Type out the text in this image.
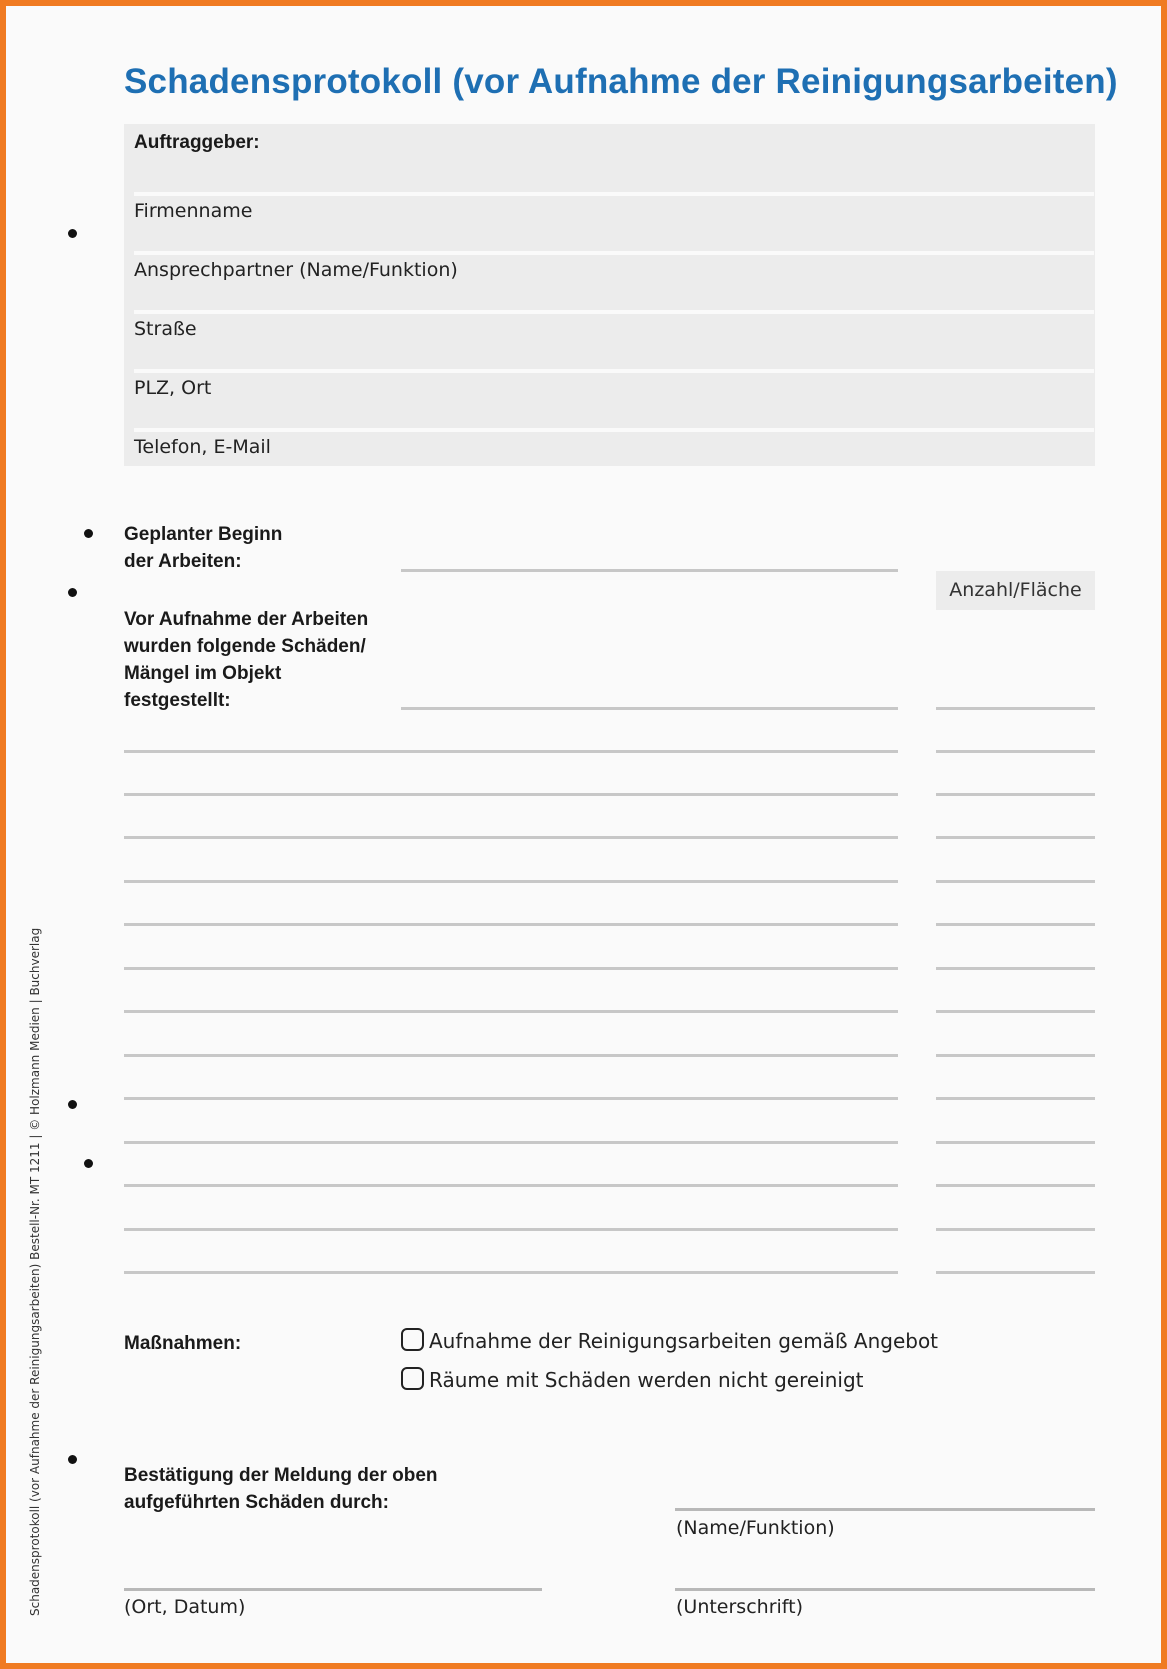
Schadensprotokoll (vor Aufnahme der Reinigungsarbeiten)
Auftraggeber:
Firmenname
Ansprechpartner (Name/Funktion)
Straße
PLZ, Ort
Telefon, E-Mail
Geplanter Beginn
der Arbeiten:
Vor Aufnahme der Arbeiten
wurden folgende Schäden/
Mängel im Objekt
festgestellt:
Anzahl/Fläche
Maßnahmen:	Aufnahme der Reinigungsarbeiten gemäß Angebot
Räume mit Schäden werden nicht gereinigt
Bestätigung der Meldung der oben
aufgeführten Schäden durch:
(Name/Funktion)
(Ort, Datum)	(Unterschrift)
Schadensprotokoll (vor Aufnahme der Reinigungsarbeiten) Bestell-Nr. MT 1211 | © Holzmann Medien | Buchverlag
